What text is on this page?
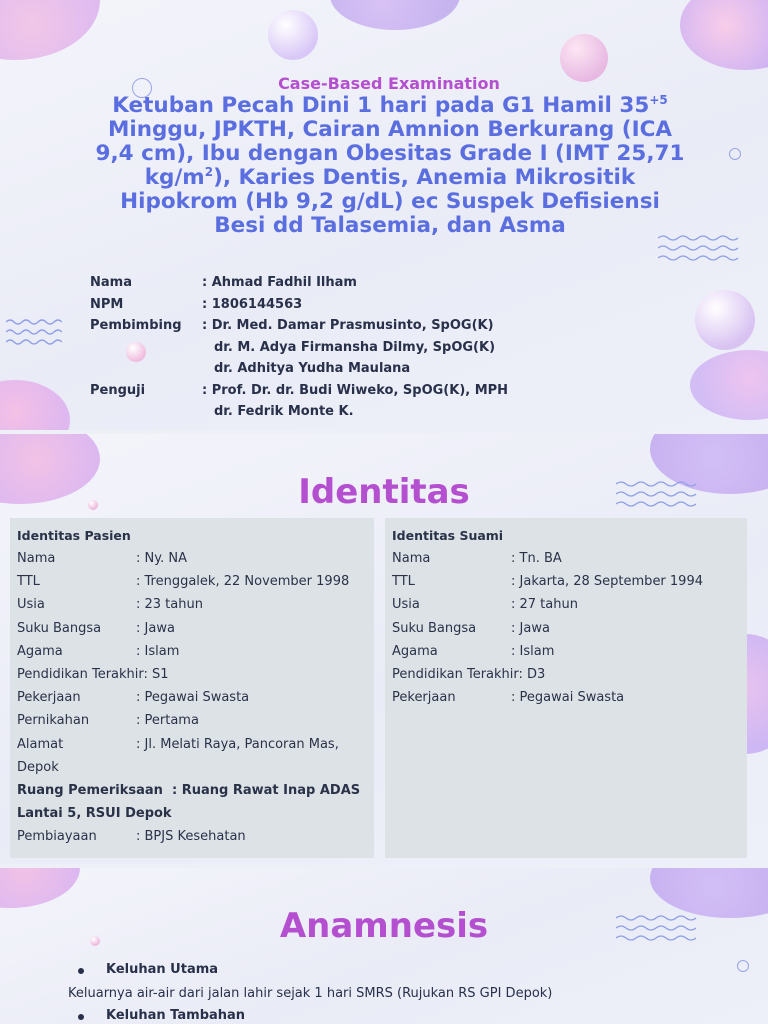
Case-Based Examination
Ketuban Pecah Dini 1 hari pada G1 Hamil $35^{+5}$
Minggu, JPKTH, Cairan Amnion Berkurang (ICA
9,4 cm), Ibu dengan Obesitas Grade I (IMT 25,71
$kg/m^2$), Karies Dentis, Anemia Mikrositik
Hipokrom (Hb 9,2 g/dL) ec Suspek Defisiensi
Besi dd Talasemia, dan Asma
Nama	: Ahmad Fadhil Ilham
NPM	: 1806144563
Pembimbing	: Dr. Med. Damar Prasmusinto, SpOG(K)
dr. M. Adya Firmansha Dilmy, SpOG(K)
dr. Adhitya Yudha Maulana
Penguji	: Prof. Dr. dr. Budi Wiweko, SpOG(K), MPH
dr. Fedrik Monte K.
Identitas
Identitas Pasien
Nama	: Ny. NA
TTL	: Trenggalek, 22 November 1998
Usia	: 23 tahun
Suku Bangsa	: Jawa
Agama	: Islam
Pendidikan Terakhir: S1
Pekerjaan	: Pegawai Swasta
Pernikahan	: Pertama
Alamat	: Jl. Melati Raya, Pancoran Mas,
Depok
Ruang Pemeriksaan : Ruang Rawat Inap ADAS
Lantai 5, RSUI Depok
Pembiayaan	: BPJS Kesehatan
Identitas Suami
Nama	: Tn. BA
TTL	: Jakarta, 28 September 1994
Usia	: 27 tahun
Suku Bangsa	: Jawa
Agama	: Islam
Pendidikan Terakhir: D3
Pekerjaan	: Pegawai Swasta
Anamnesis
Keluhan Utama
Keluarnya air-air dari jalan lahir sejak 1 hari SMRS (Rujukan RS GPI Depok)
Keluhan Tambahan
